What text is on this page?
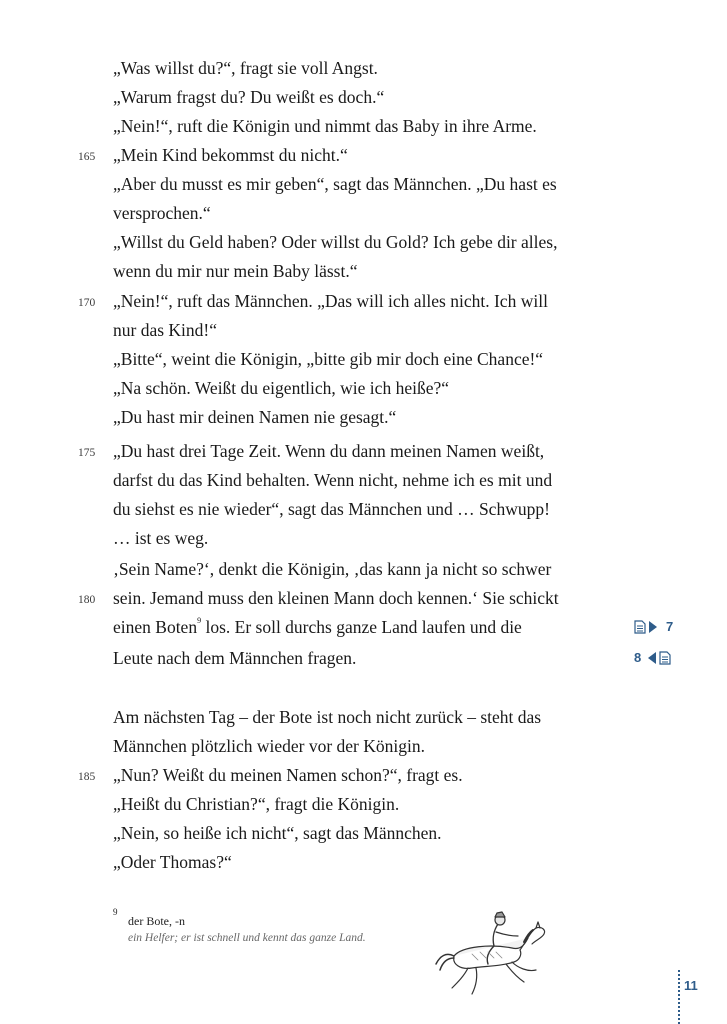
„Was willst du?“, fragt sie voll Angst.
„Warum fragst du? Du weißt es doch.“
„Nein!“, ruft die Königin und nimmt das Baby in ihre Arme.
165	„Mein Kind bekommst du nicht.“
„Aber du musst es mir geben“, sagt das Männchen. „Du hast es
versprochen.“
„Willst du Geld haben? Oder willst du Gold? Ich gebe dir alles,
wenn du mir nur mein Baby lässt.“
170	„Nein!“, ruft das Männchen. „Das will ich alles nicht. Ich will
nur das Kind!“
„Bitte“, weint die Königin, „bitte gib mir doch eine Chance!“
„Na schön. Weißt du eigentlich, wie ich heiße?“
„Du hast mir deinen Namen nie gesagt.“
175	„Du hast drei Tage Zeit. Wenn du dann meinen Namen weißt,
darfst du das Kind behalten. Wenn nicht, nehme ich es mit und
du siehst es nie wieder“, sagt das Männchen und … Schwupp!
… ist es weg.
‚Sein Name?‘, denkt die Königin, ‚das kann ja nicht so schwer
180	sein. Jemand muss den kleinen Mann doch kennen.‘ Sie schickt
einen Boten$^9$ los. Er soll durchs ganze Land laufen und die
Leute nach dem Männchen fragen.
Am nächsten Tag – der Bote ist noch nicht zurück – steht das
Männchen plötzlich wieder vor der Königin.
185	„Nun? Weißt du meinen Namen schon?“, fragt es.
„Heißt du Christian?“, fragt die Königin.
„Nein, so heiße ich nicht“, sagt das Männchen.
„Oder Thomas?“
7
8
9
der Bote, -n
ein Helfer; er ist schnell und kennt das ganze Land.
11
